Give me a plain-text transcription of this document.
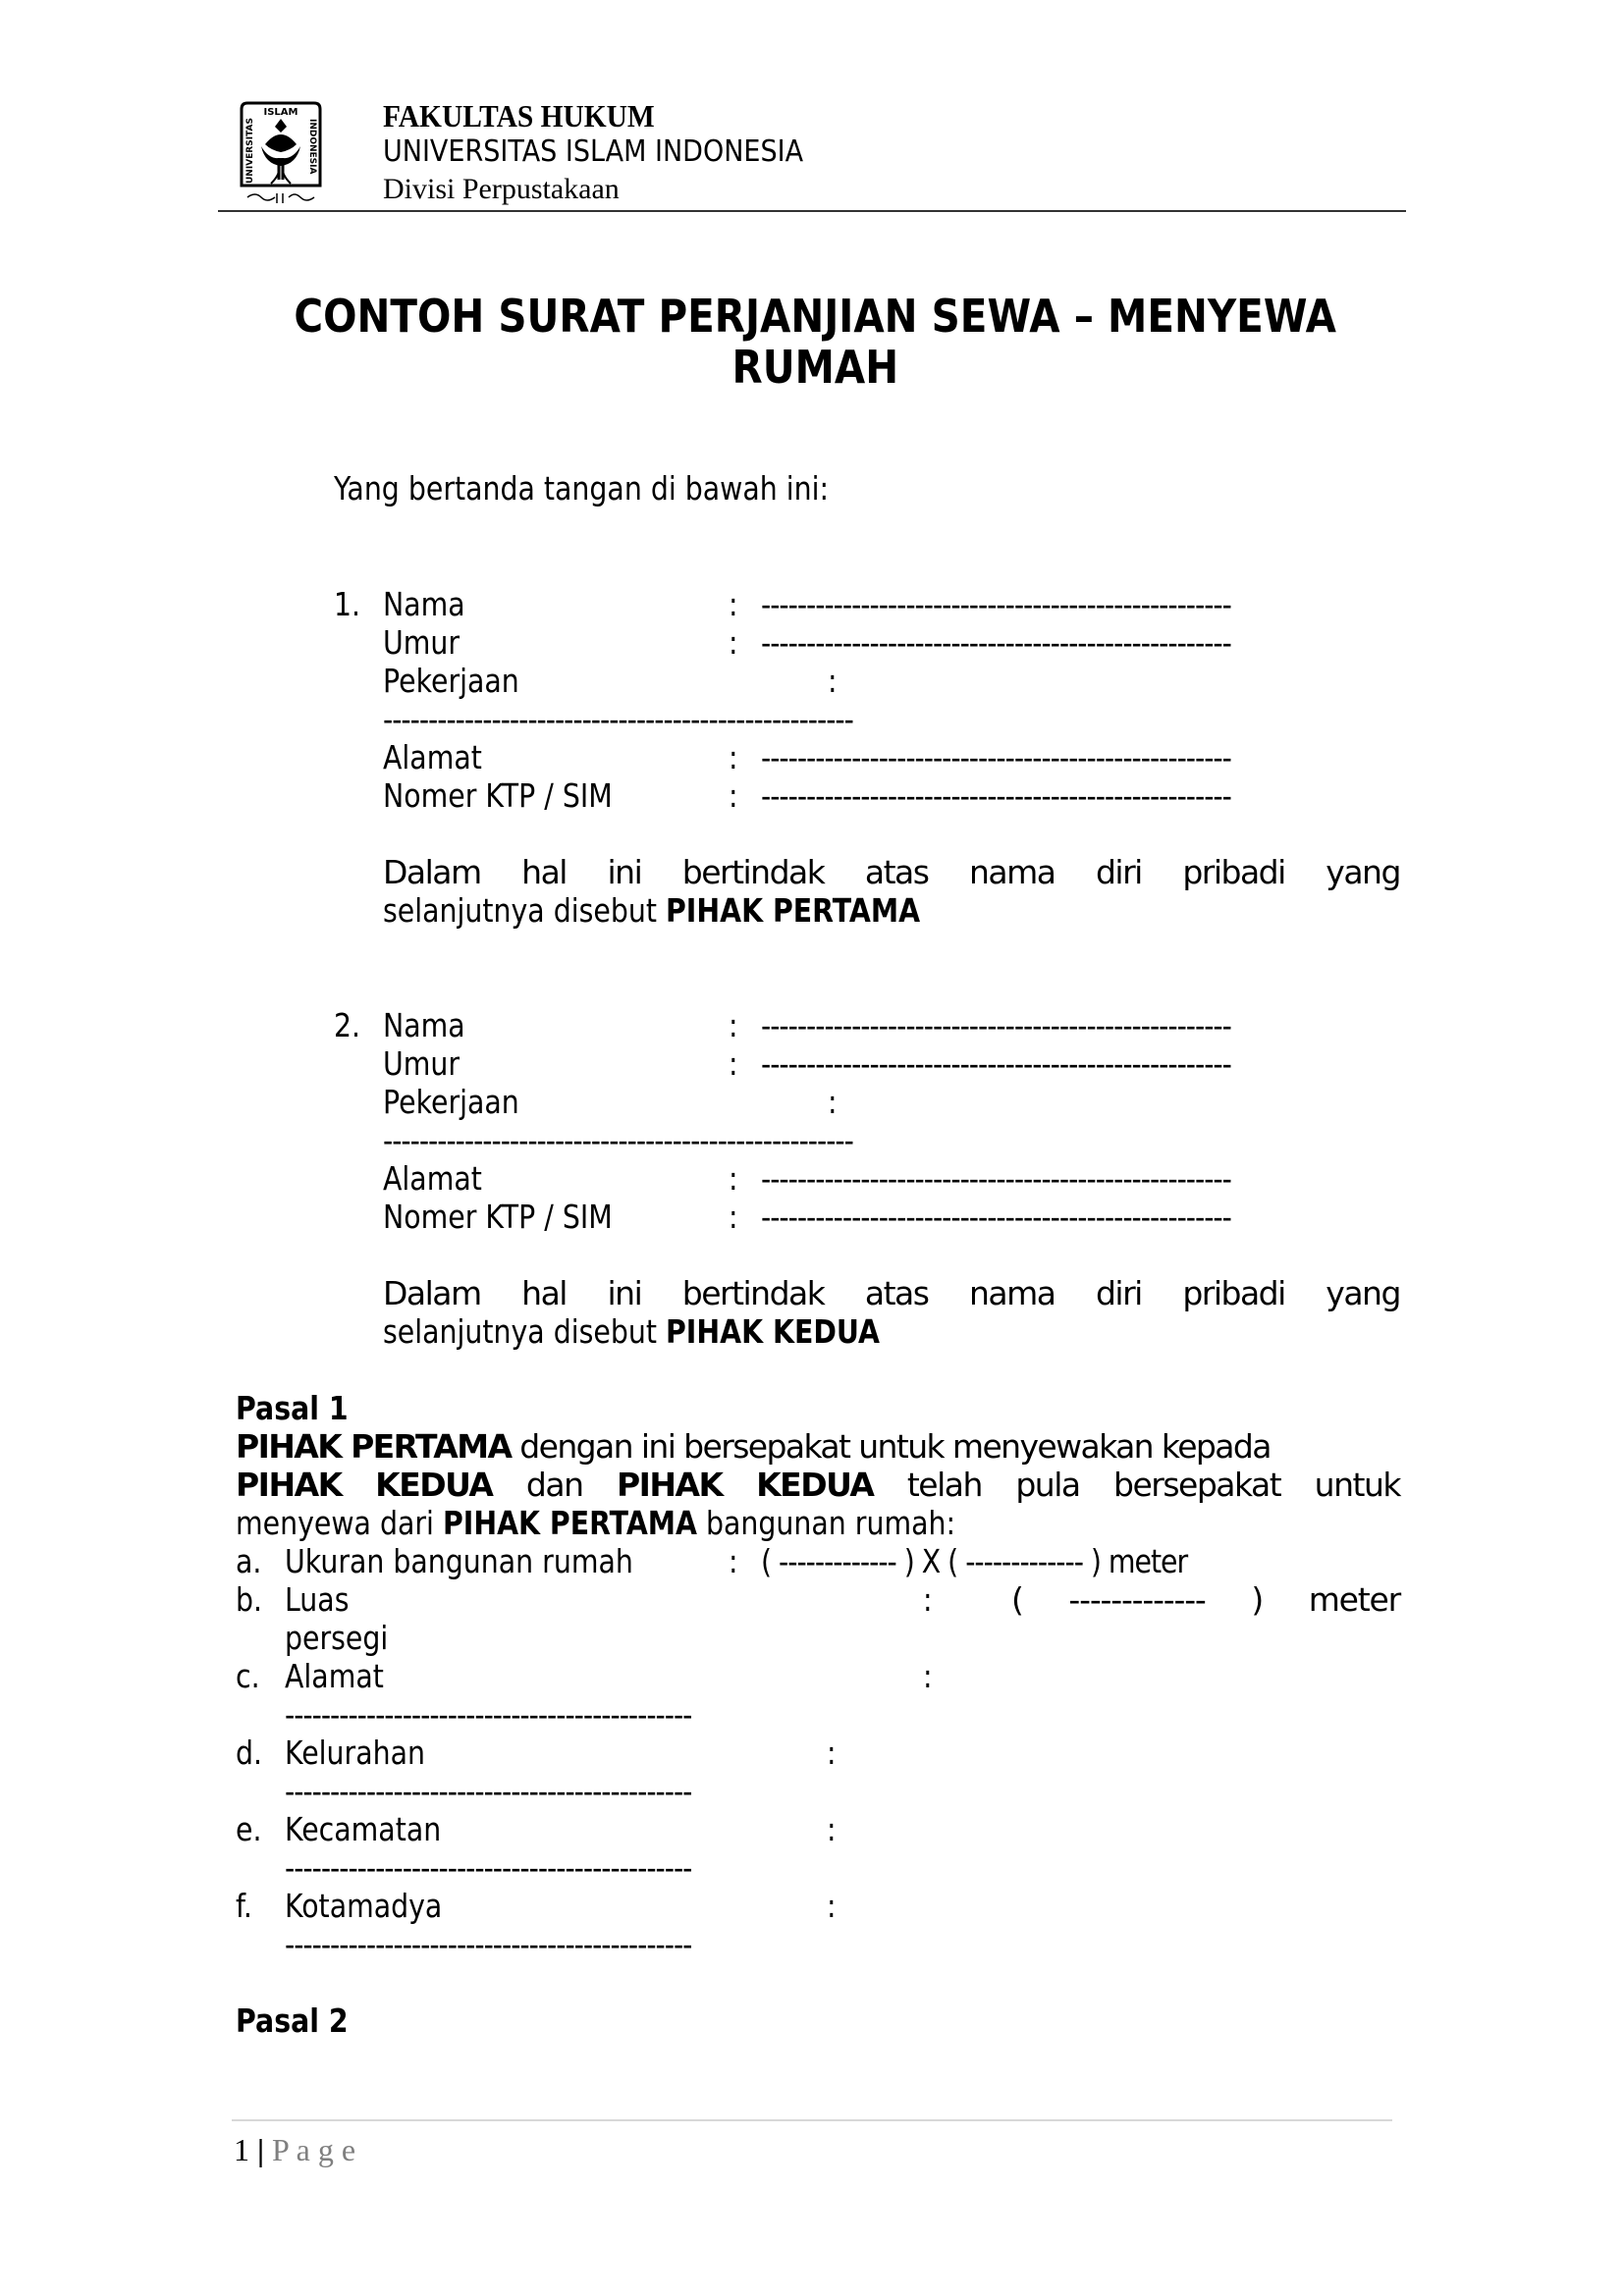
ISLAM
UNIVERSITAS	INDONESIA
FAKULTAS HUKUM
UNIVERSITAS ISLAM INDONESIA
Divisi Perpustakaan
CONTOH SURAT PERJANJIAN SEWA – MENYEWA
RUMAH
Yang bertanda tangan di bawah ini:
1. Nama	: ----------------------------------------------------
Umur	: ----------------------------------------------------
Pekerjaan	:
----------------------------------------------------
Alamat	: ----------------------------------------------------
Nomer KTP / SIM	: ----------------------------------------------------
Dalam hal ini bertindak atas nama diri pribadi yang
selanjutnya disebut PIHAK PERTAMA
2. Nama	: ----------------------------------------------------
Umur	: ----------------------------------------------------
Pekerjaan	:
----------------------------------------------------
Alamat	: ----------------------------------------------------
Nomer KTP / SIM	: ----------------------------------------------------
Dalam hal ini bertindak atas nama diri pribadi yang
selanjutnya disebut PIHAK KEDUA
Pasal 1
PIHAK PERTAMA dengan ini bersepakat untuk menyewakan kepada
PIHAK KEDUA dan PIHAK KEDUA telah pula bersepakat untuk
menyewa dari PIHAK PERTAMA bangunan rumah:
a. Ukuran bangunan rumah	: ( ------------- ) X ( ------------- ) meter
b. Luas	: ( ------------- ) meter
persegi
c. Alamat	:
---------------------------------------------
d. Kelurahan	:
---------------------------------------------
e. Kecamatan	:
---------------------------------------------
f. Kotamadya	:
---------------------------------------------
Pasal 2
1 | P a g e
